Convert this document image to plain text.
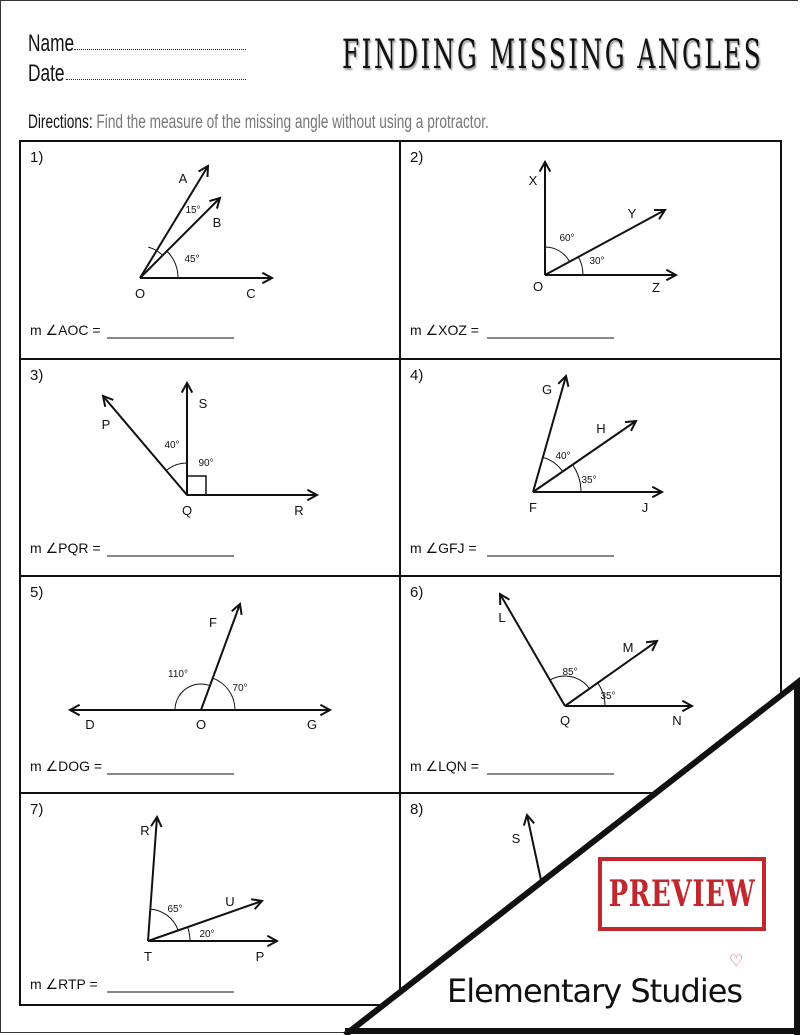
Name
Date	FINDING MISSING ANGLES
Directions: Find the measure of the missing angle without using a protractor.
1)
A
B
O	C
15°
45°
m ∠AOC =
2)
X
Y
O	Z
60°
30°
m ∠XOZ =
3)
S
P
Q	R
40°
90°
m ∠PQR =
4)
G
H
F	J
40°
35°
m ∠GFJ =
5)
F
D	O	G
110°
70°
m ∠DOG =
6)
L
M
Q	N
85°
35°
m ∠LQN =
7)
R
U
T	P
65°
20°
m ∠RTP =
8)
S
PREVIEW
Elementary Studies
♡
